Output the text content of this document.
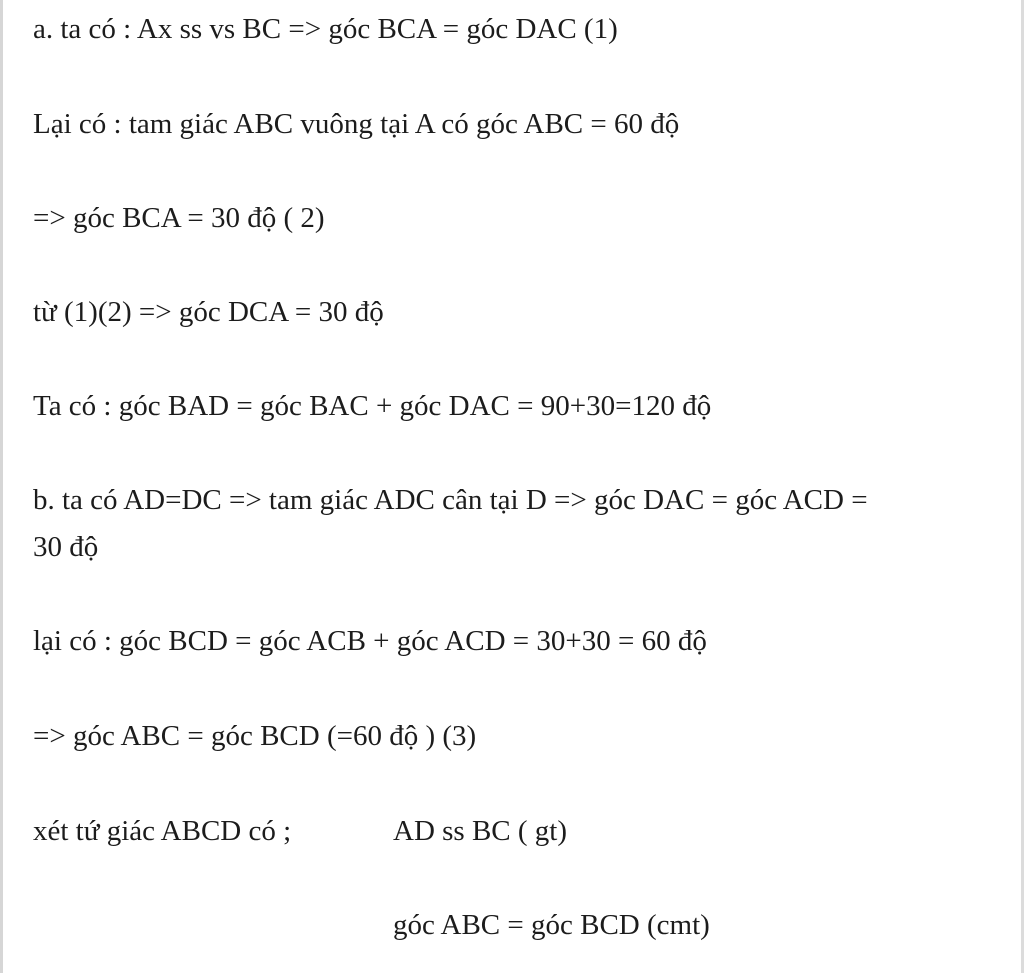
a. ta có : Ax ss vs BC => góc BCA = góc DAC (1)
Lại có : tam giác ABC vuông tại A có góc ABC = 60 độ
=> góc BCA = 30 độ ( 2)
từ (1)(2) => góc DCA = 30 độ
Ta có : góc BAD = góc BAC + góc DAC = 90+30=120 độ
b. ta có AD=DC => tam giác ADC cân tại D => góc DAC = góc ACD =
30 độ
lại có : góc BCD = góc ACB + góc ACD = 30+30 = 60 độ
=> góc ABC = góc BCD (=60 độ ) (3)
xét tứ giác ABCD có ;	AD ss BC ( gt)
góc ABC = góc BCD (cmt)
